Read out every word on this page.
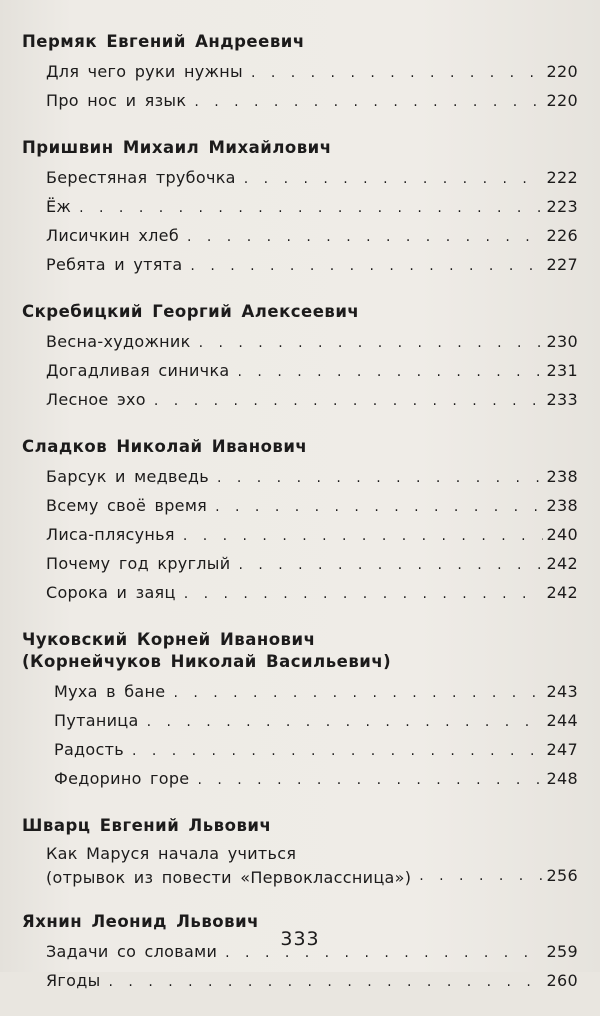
Пермяк Евгений Андреевич
Для чего руки нужны . . .	220
Про нос и язык . . .	220
Пришвин Михаил Михайлович
Берестяная трубочка . . .	222
Ёж . . .	223
Лисичкин хлеб . . .	226
Ребята и утята . . .	227
Скребицкий Георгий Алексеевич
Весна-художник . . .	230
Догадливая синичка . . .	231
Лесное эхо . . .	233
Сладков Николай Иванович
Барсук и медведь . . .	238
Всему своё время . . .	238
Лиса-плясунья . . .	240
Почему год круглый . . .	242
Сорока и заяц . . .	242
Чуковский Корней Иванович
(Корнейчуков Николай Васильевич)
Муха в бане . . .	243
Путаница . . .	244
Радость . . .	247
Федорино горе . . .	248
Шварц Евгений Львович
Как Маруся начала учиться
(отрывок из повести «Первоклассница») . . .	256
Яхнин Леонид Львович
Задачи со словами . . .	259
Ягоды . . .	260
333
